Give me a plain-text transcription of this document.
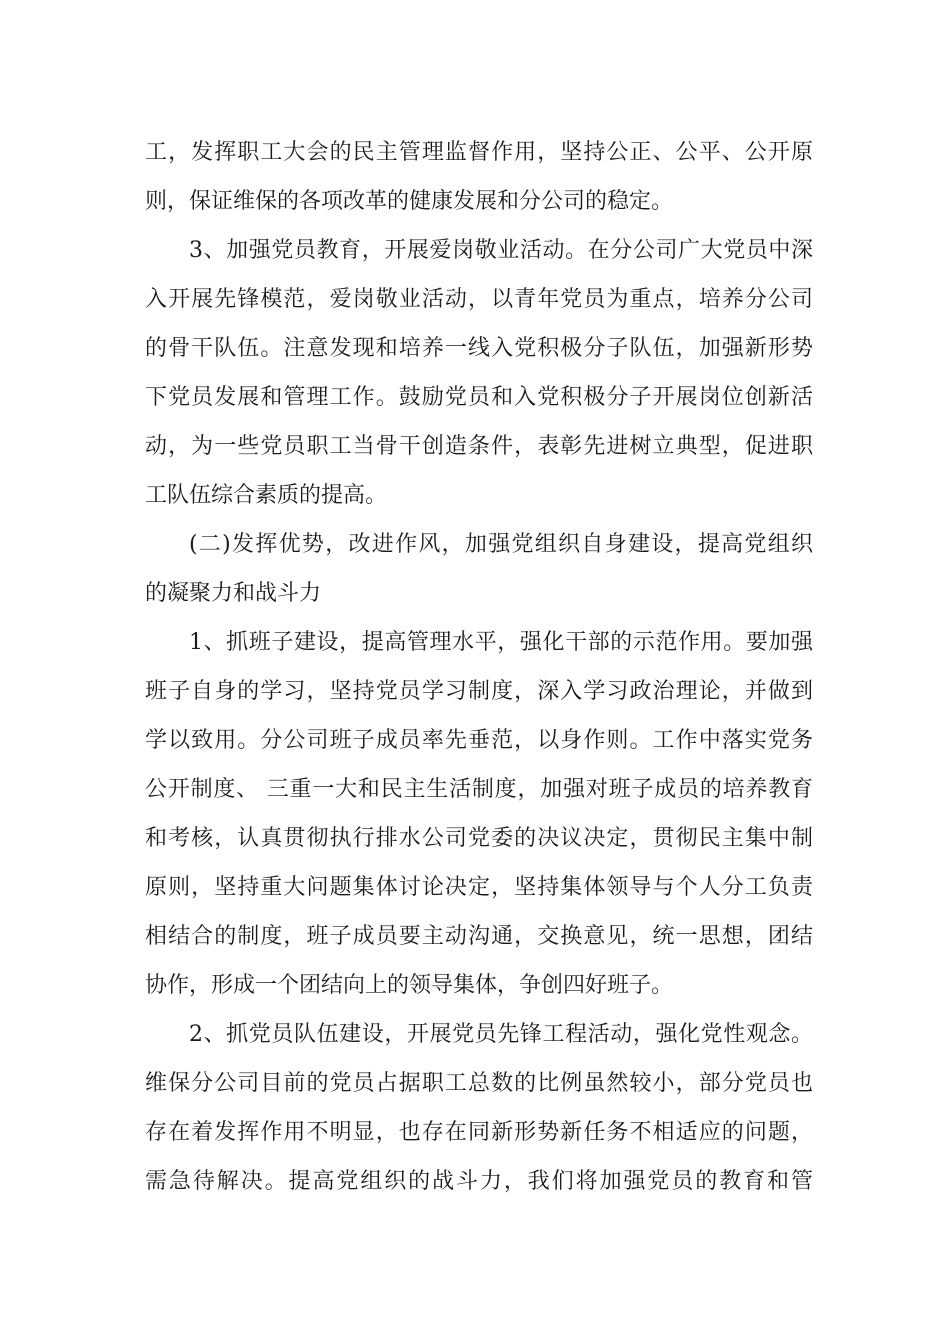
工，发挥职工大会的民主管理监督作用，坚持公正、公平、公开原
则，保证维保的各项改革的健康发展和分公司的稳定。
3、加强党员教育，开展爱岗敬业活动。在分公司广大党员中深
入开展先锋模范，爱岗敬业活动，以青年党员为重点，培养分公司
的骨干队伍。注意发现和培养一线入党积极分子队伍，加强新形势
下党员发展和管理工作。鼓励党员和入党积极分子开展岗位创新活
动，为一些党员职工当骨干创造条件，表彰先进树立典型，促进职
工队伍综合素质的提高。
(二)发挥优势，改进作风，加强党组织自身建设，提高党组织
的凝聚力和战斗力
1、抓班子建设，提高管理水平，强化干部的示范作用。要加强
班子自身的学习，坚持党员学习制度，深入学习政治理论，并做到
学以致用。分公司班子成员率先垂范，以身作则。工作中落实党务
公开制度、 三重一大和民主生活制度，加强对班子成员的培养教育
和考核，认真贯彻执行排水公司党委的决议决定，贯彻民主集中制
原则，坚持重大问题集体讨论决定，坚持集体领导与个人分工负责
相结合的制度，班子成员要主动沟通，交换意见，统一思想，团结
协作，形成一个团结向上的领导集体，争创四好班子。
2、抓党员队伍建设，开展党员先锋工程活动，强化党性观念。
维保分公司目前的党员占据职工总数的比例虽然较小，部分党员也
存在着发挥作用不明显，也存在同新形势新任务不相适应的问题，
需急待解决。提高党组织的战斗力，我们将加强党员的教育和管
